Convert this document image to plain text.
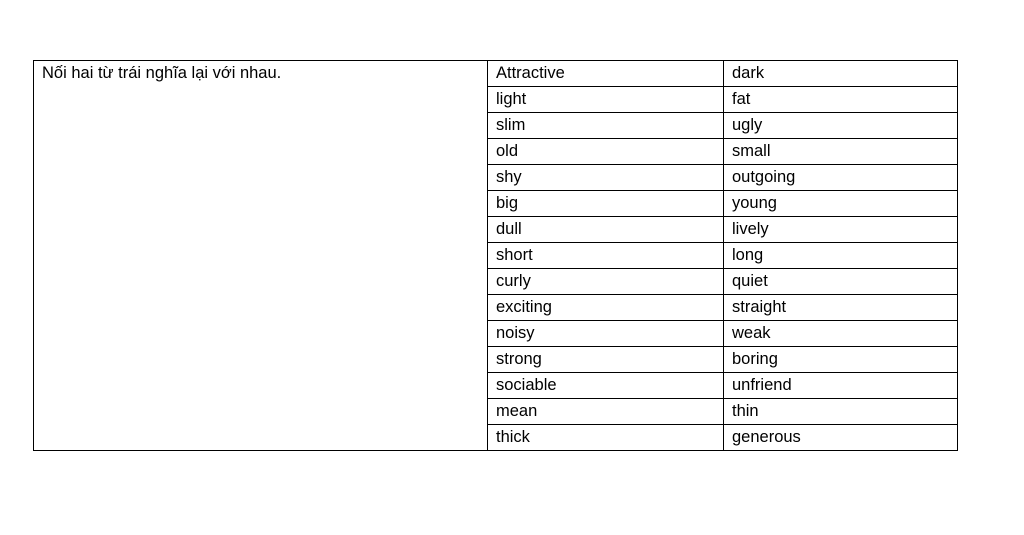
Nối hai từ trái nghĩa lại với nhau.	Attractive	dark
	light	fat
	slim	ugly
	old	small
	shy	outgoing
	big	young
	dull	lively
	short	long
	curly	quiet
	exciting	straight
	noisy	weak
	strong	boring
	sociable	unfriend
	mean	thin
	thick	generous
